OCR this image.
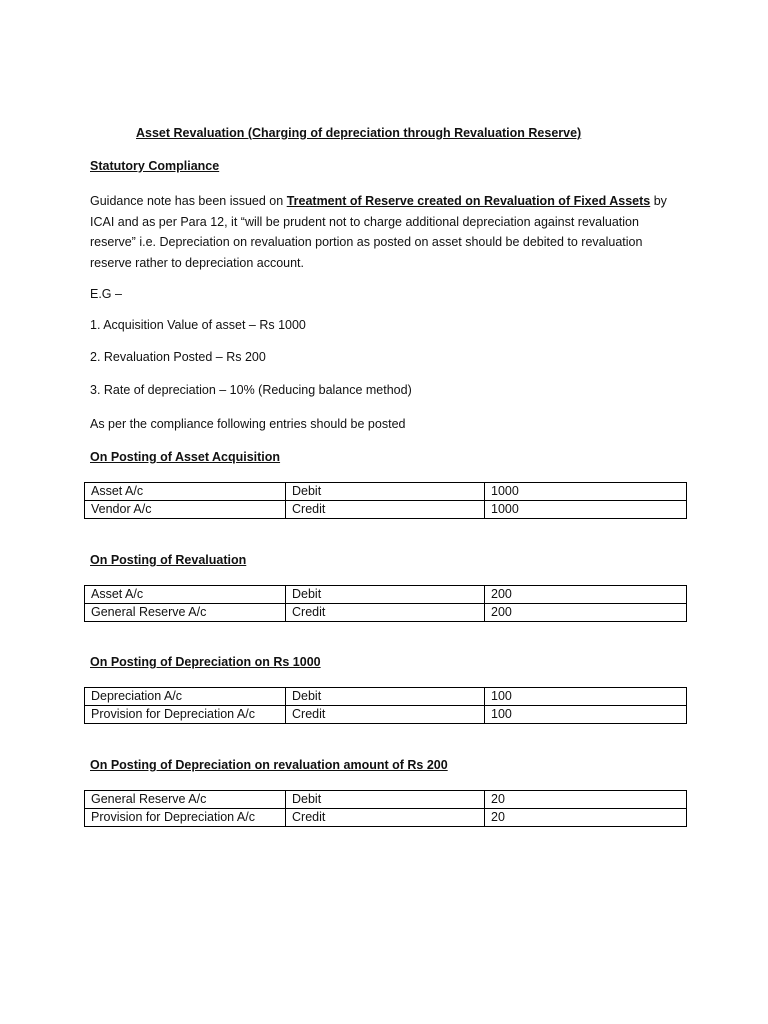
Asset Revaluation (Charging of depreciation through Revaluation Reserve)
Statutory Compliance
Guidance note has been issued on Treatment of Reserve created on Revaluation of Fixed Assets by
ICAI and as per Para 12, it “will be prudent not to charge additional depreciation against revaluation
reserve” i.e. Depreciation on revaluation portion as posted on asset should be debited to revaluation
reserve rather to depreciation account.
E.G –
1. Acquisition Value of asset – Rs 1000
2. Revaluation Posted – Rs 200
3. Rate of depreciation – 10% (Reducing balance method)
As per the compliance following entries should be posted
On Posting of Asset Acquisition
Asset A/c	Debit	1000
Vendor A/c	Credit	1000
On Posting of Revaluation
Asset A/c	Debit	200
General Reserve A/c	Credit	200
On Posting of Depreciation on Rs 1000
Depreciation A/c	Debit	100
Provision for Depreciation A/c	Credit	100
On Posting of Depreciation on revaluation amount of Rs 200
General Reserve A/c	Debit	20
Provision for Depreciation A/c	Credit	20
